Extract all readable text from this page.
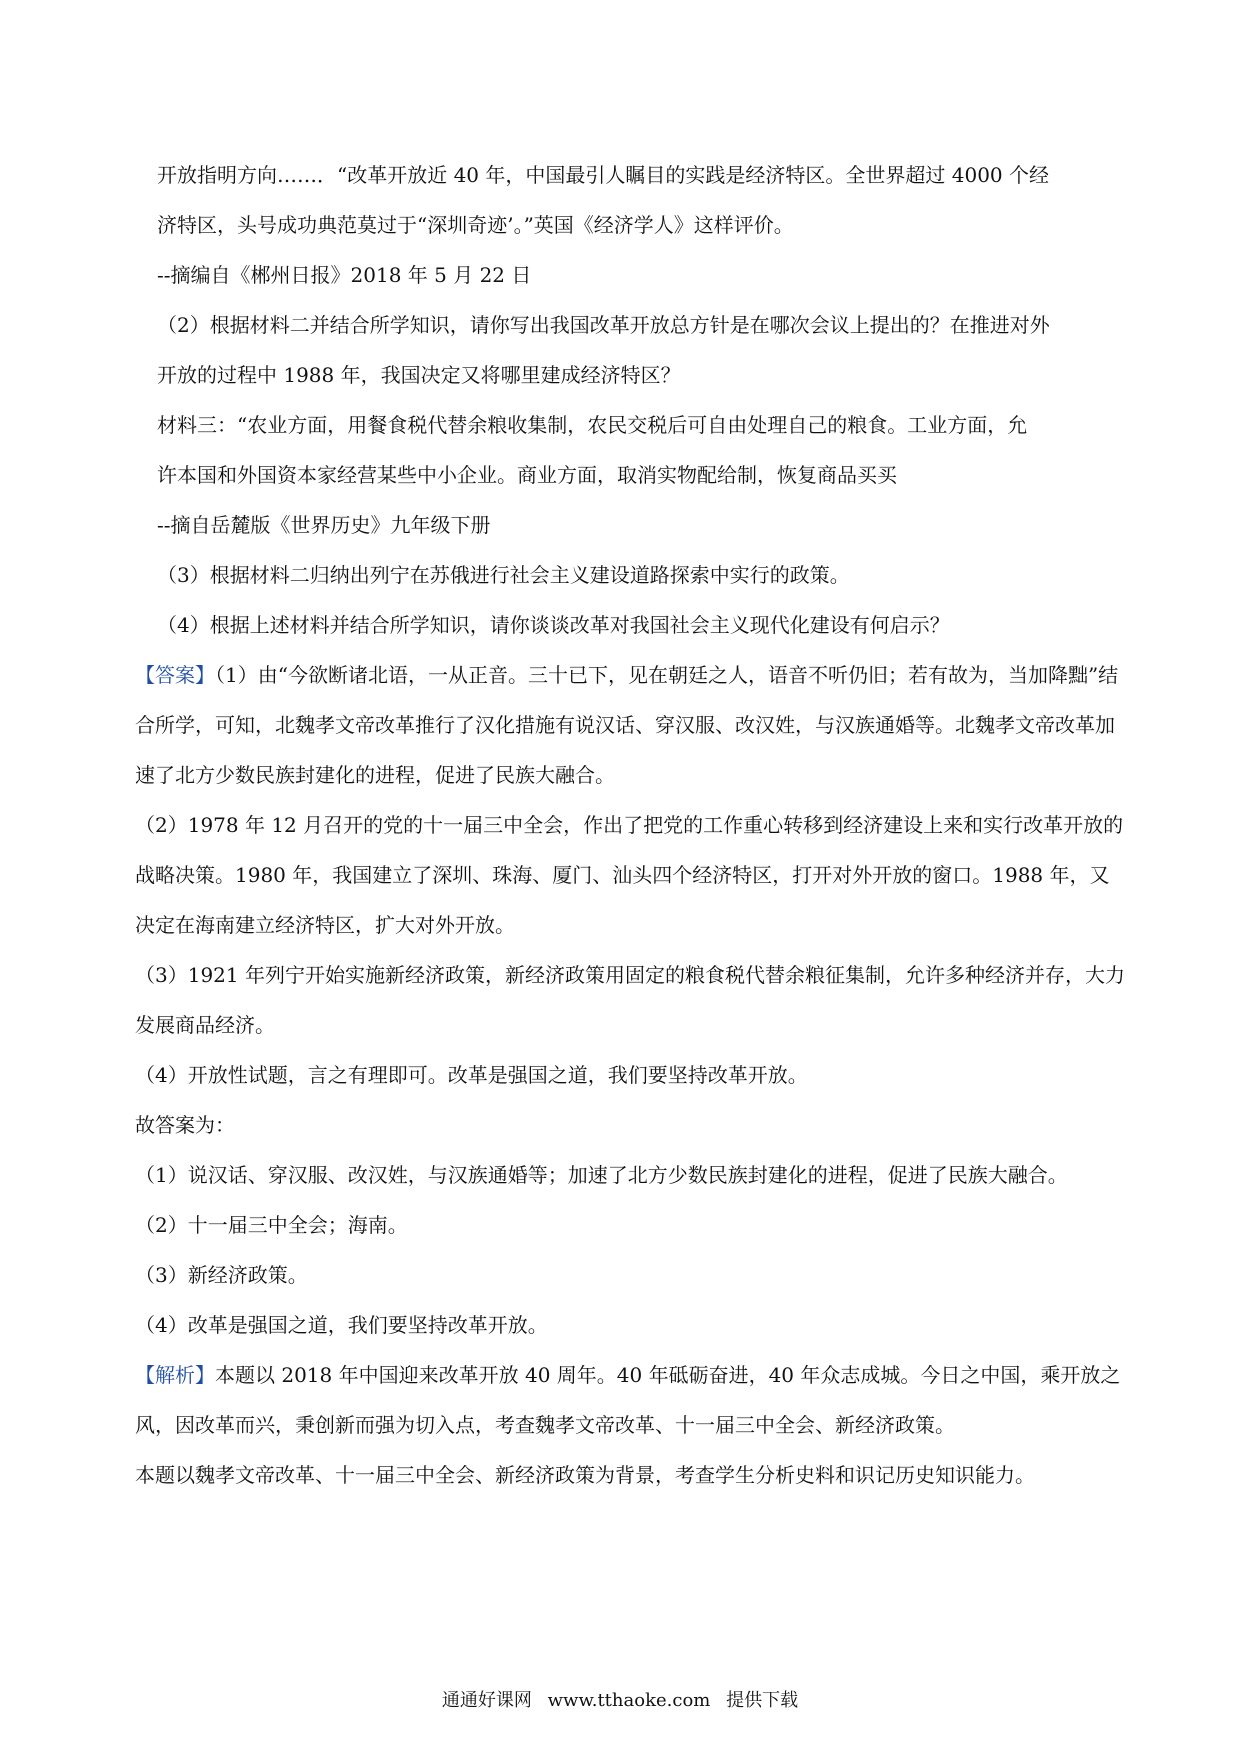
开放指明方向……．“改革开放近 40 年，中国最引人瞩目的实践是经济特区。全世界超过 4000 个经
济特区，头号成功典范莫过于“深圳奇迹’。”英国《经济学人》这样评价。
--摘编自《郴州日报》2018 年 5 月 22 日
（2）根据材料二并结合所学知识，请你写出我国改革开放总方针是在哪次会议上提出的？在推进对外
开放的过程中 1988 年，我国决定又将哪里建成经济特区？
材料三：“农业方面，用餐食税代替余粮收集制，农民交税后可自由处理自己的粮食。工业方面，允
许本国和外国资本家经营某些中小企业。商业方面，取消实物配给制，恢复商品买买
--摘自岳麓版《世界历史》九年级下册
（3）根据材料二归纳出列宁在苏俄进行社会主义建设道路探索中实行的政策。
（4）根据上述材料并结合所学知识，请你谈谈改革对我国社会主义现代化建设有何启示？
【答案】（1）由“今欲断诸北语，一从正音。三十已下，见在朝廷之人，语音不听仍旧；若有故为，当加降黜”结合所学，可知，北魏孝文帝改革推行了汉化措施有说汉话、穿汉服、改汉姓，与汉族通婚等。北魏孝文帝改革加速了北方少数民族封建化的进程，促进了民族大融合。
（2）1978 年 12 月召开的党的十一届三中全会，作出了把党的工作重心转移到经济建设上来和实行改革开放的战略决策。1980 年，我国建立了深圳、珠海、厦门、汕头四个经济特区，打开对外开放的窗口。1988 年，又决定在海南建立经济特区，扩大对外开放。
（3）1921 年列宁开始实施新经济政策，新经济政策用固定的粮食税代替余粮征集制，允许多种经济并存，大力发展商品经济。
（4）开放性试题，言之有理即可。改革是强国之道，我们要坚持改革开放。
故答案为：
（1）说汉话、穿汉服、改汉姓，与汉族通婚等；加速了北方少数民族封建化的进程，促进了民族大融合。
（2）十一届三中全会；海南。
（3）新经济政策。
（4）改革是强国之道，我们要坚持改革开放。
【解析】本题以 2018 年中国迎来改革开放 40 周年。40 年砥砺奋进，40 年众志成城。今日之中国，乘开放之风，因改革而兴，秉创新而强为切入点，考查魏孝文帝改革、十一届三中全会、新经济政策。
本题以魏孝文帝改革、十一届三中全会、新经济政策为背景，考查学生分析史料和识记历史知识能力。
通通好课网 www.tthaoke.com 提供下载
